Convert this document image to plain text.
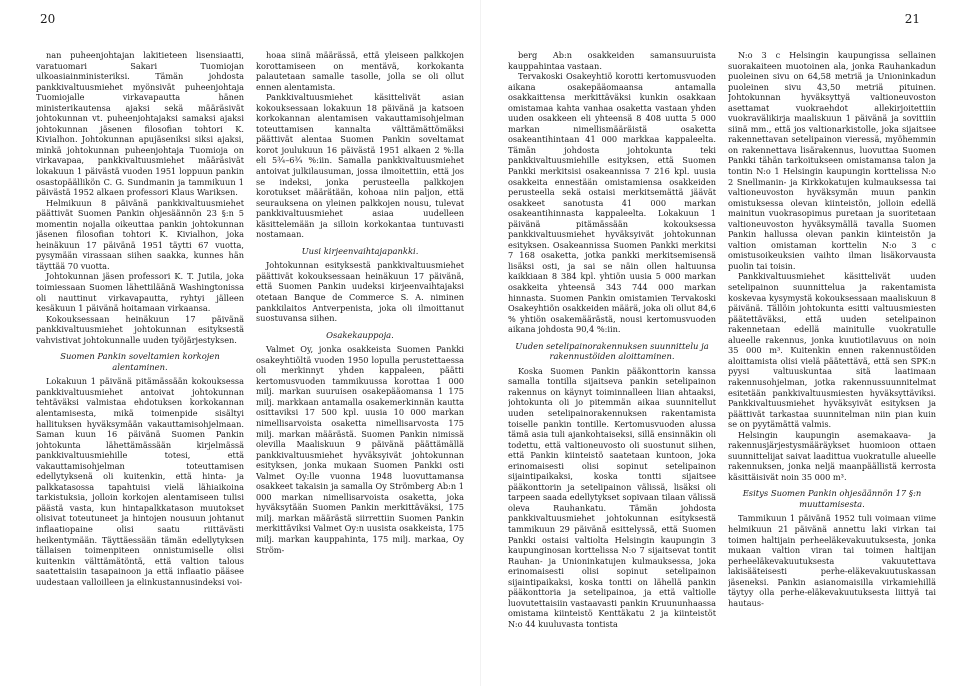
20	21

nan puheenjohtajan lakitieteen lisensiaatti, varatuomari Sakari Tuomiojan ulkoasiainministeriksi. Tämän johdosta pankkivaltuusmiehet myönsivät puheenjohtaja Tuomiojalle virkavapautta hänen ministerikautensa ajaksi sekä määräsivät johtokunnan vt. puheenjohtajaksi samaksi ajaksi johtokunnan jäsenen filosofian tohtori K. Kivialhon. Johtokunnan apujäseniksi siksi ajaksi, minkä johtokunnan puheenjohtaja Tuomioja on virkavapaa, pankkivaltuusmiehet määräsivät lokakuun 1 päivästä vuoden 1951 loppuun pankin osastopäällikön C. G. Sundmanin ja tammikuun 1 päivästä 1952 alkaen professori Klaus Wariksen.

Helmikuun 8 päivänä pankkivaltuusmiehet päättivät Suomen Pankin ohjesäännön 23 §:n 5 momentin nojalla oikeuttaa pankin johtokunnan jäsenen filosofian tohtori K. Kivialhon, joka heinäkuun 17 päivänä 1951 täytti 67 vuotta, pysymään virassaan siihen saakka, kunnes hän täyttää 70 vuotta.

Johtokunnan jäsen professori K. T. Jutila, joka toimiessaan Suomen lähettiläänä Washingtonissa oli nauttinut virkavapautta, ryhtyi jälleen kesäkuun 1 päivänä hoitamaan virkaansa.

Kokouksessaan heinäkuun 17 päivänä pankkivaltuusmiehet johtokunnan esityksestä vahvistivat johtokunnalle uuden työjärjestyksen.

Suomen Pankin soveltamien korkojen alentaminen.

Lokakuun 1 päivänä pitämässään kokouksessa pankkivaltuusmiehet antoivat johtokunnan tehtäväksi valmistaa ehdotuksen korkokannan alentamisesta, mikä toimenpide sisältyi hallituksen hyväksymään vakauttamisohjelmaan. Saman kuun 16 päivänä Suomen Pankin johtokunta lähettämässään kirjelmässä pankkivaltuusmiehille totesi, että vakauttamisohjelman toteuttamisen edellytyksenä oli kuitenkin, että hinta- ja palkkatasossa tapahtuisi vielä lähiaikoina tarkistuksia, jolloin korkojen alentamiseen tulisi päästä vasta, kun hintapalkkatason muutokset olisivat toteutuneet ja hintojen nousuun johtanut inflaatiopaine olisi saatu riittävästi heikentymään. Täyttäessään tämän edellytyksen tällaisen toimenpiteen onnistumiselle olisi kuitenkin välttämätöntä, että valtion talous saatettaisiin tasapainoon ja että inflaatio pääsee uudestaan valloilleen ja elinkustannusindeksi voi-

hoaa siinä määrässä, että yleiseen palkkojen korottamiseen on mentävä, korkokanta palautetaan samalle tasolle, jolla se oli ollut ennen alentamista.

Pankkivaltuusmiehet käsittelivät asian kokouksessaan lokakuun 18 päivänä ja katsoen korkokannan alentamisen vakauttamisohjelman toteuttamisen kannalta välttämättömäksi päättivät alentaa Suomen Pankin soveltamat korot joulukuun 16 päivästä 1951 alkaen 2 %:lla eli 5¾–6¾ %:iin. Samalla pankkivaltuusmiehet antoivat julkilausuman, jossa ilmoitettiin, että jos se indeksi, jonka perusteella palkkojen korotukset määrätään, kohoaa niin paljon, että seurauksena on yleinen palkkojen nousu, tulevat pankkivaltuusmiehet asiaa uudelleen käsittelemään ja silloin korkokantaa tuntuvasti nostamaan.

Uusi kirjeenvaihtajapankki.

Johtokunnan esityksestä pankkivaltuusmiehet päättivät kokouksessaan heinäkuun 17 päivänä, että Suomen Pankin uudeksi kirjeenvaihtajaksi otetaan Banque de Commerce S. A. niminen pankkilaitos Antverpenista, joka oli ilmoittanut suostuvansa siihen.

Osakekauppoja.

Valmet Oy, jonka osakkeista Suomen Pankki osakeyhtiöltä vuoden 1950 lopulla perustettaessa oli merkinnyt yhden kappaleen, päätti kertomusvuoden tammikuussa korottaa 1 000 milj. markan suuruisen osakepääomansa 1 175 milj. markkaan antamalla osakemerkinnän kautta osittaviksi 17 500 kpl. uusia 10 000 markan nimellisarvoista osaketta nimellisarvosta 175 milj. markan määrästä. Suomen Pankin nimissä olevilla Maaliskuun 9 päivänä päättämällä pankkivaltuusmiehet hyväksyivät johtokunnan esityksen, jonka mukaan Suomen Pankki osti Valmet Oy:lle vuonna 1948 luovuttamansa osakkeet takaisin ja samalla Oy Strömberg Ab:n 1 000 markan nimellisarvoista osaketta, joka hyväksytään Suomen Pankin merkittäväksi, 175 milj. markan määrästä siirrettiin Suomen Pankin merkittäviksi Valmet Oy:n uusista osakkeista, 175 milj. markan kauppahinta, 175 milj. markaa, Oy Ström-

berg Ab:n osakkeiden samansuuruista kauppahintaa vastaan.

Tervakoski Osakeyhtiö korotti kertomusvuoden aikana osakepääomaansa antamalla osakkaittensa merkittäväksi kunkin osakkaan omistamaa kahta vanhaa osaketta vastaan yhden uuden osakkeen eli yhteensä 8 408 uutta 5 000 markan nimellismääräistä osaketta osakeantihintaan 41 000 markkaa kappaleelta. Tämän johdosta johtokunta teki pankkivaltuusmiehille esityksen, että Suomen Pankki merkitsisi osakeannissa 7 216 kpl. uusia osakkeita ennestään omistamiensa osakkeiden perusteella sekä ostaisi merkitsemättä jäävät osakkeet sanotusta 41 000 markan osakeantihinnasta kappaleelta. Lokakuun 1 päivänä pitämässään kokouksessa pankkivaltuusmiehet hyväksyivät johtokunnan esityksen. Osakeannissa Suomen Pankki merkitsi 7 168 osaketta, jotka pankki merkitsemisensä lisäksi osti, ja sai se näin ollen haltuunsa kaikkiaan 8 384 kpl. yhtiön uusia 5 000 markan osakkeita yhteensä 343 744 000 markan hinnasta. Suomen Pankin omistamien Tervakoski Osakeyhtiön osakkeiden määrä, joka oli ollut 84,6 % yhtiön osakemäärästä, nousi kertomusvuoden aikana johdosta 90,4 %:iin.

Uuden setelipainorakennuksen suunnittelu ja rakennustöiden aloittaminen.

Koska Suomen Pankin pääkonttorin kanssa samalla tontilla sijaitseva pankin setelipainon rakennus on käynyt toiminnalleen liian ahtaaksi, johtokunta oli jo pitemmän aikaa suunnitellut uuden setelipainorakennuksen rakentamista toiselle pankin tontille. Kertomusvuoden alussa tämä asia tuli ajankohtaiseksi, sillä ensinnäkin oli todettu, että valtioneuvosto oli suostunut siihen, että Pankin kiinteistö saatetaan kuntoon, joka erinomaisesti olisi sopinut setelipainon sijaintipaikaksi, koska tontti sijaitsee pääkonttorin ja setelipainon välissä, lisäksi oli tarpeen saada edellytykset sopivaan tilaan välissä oleva Rauhankatu. Tämän johdosta pankkivaltuusmiehet johtokunnan esityksestä tammikuun 29 päivänä esittelyssä, että Suomen Pankki ostaisi valtiolta Helsingin kaupungin 3 kaupunginosan korttelissa N:o 7 sijaitsevat tontit Rauhan- ja Unioninkatujen kulmauksessa, joka erinomaisesti olisi sopinut setelipainon sijaintipaikaksi, koska tontti on lähellä pankin pääkonttoria ja setelipainoa, ja että valtiolle luovutettaisiin vastaavasti pankin Kruununhaassa omistama kiinteistö Kenttäkatu 2 ja kiinteistöt N:o 44 kuuluvasta tontista

N:o 3 c Helsingin kaupungissa sellainen suorakaiteen muotoinen ala, jonka Rauhankadun puoleinen sivu on 64,58 metriä ja Unioninkadun puoleinen sivu 43,50 metriä pituinen. Johtokunnan hyväksyttyä valtioneuvoston asettamat vuokraehdot allekirjoitettiin vuokravälikirja maaliskuun 1 päivänä ja sovittiin siinä mm., että jos valtionarkistolle, joka sijaitsee rakennettavan setelipainon vieressä, myöhemmin on rakennettava lisärakennus, luovuttaa Suomen Pankki tähän tarkoitukseen omistamansa talon ja tontin N:o 1 Helsingin kaupungin korttelissa N:o 2 Snellmanin- ja Kirkkokatujen kulmauksessa tai valtioneuvoston hyväksymän muun pankin omistuksessa olevan kiinteistön, jolloin edellä mainitun vuokrasopimus puretaan ja suoritetaan valtioneuvoston hyväksymällä tavalla Suomen Pankin hallussa olevan pankin kiinteistön ja valtion omistaman korttelin N:o 3 c omistusoikeuksien vaihto ilman lisäkorvausta puolin tai toisin.

Pankkivaltuusmiehet käsittelivät uuden setelipainon suunnittelua ja rakentamista koskevaa kysymystä kokouksessaan maaliskuun 8 päivänä. Tällöin johtokunta esitti valtuusmiesten päätettäväksi, että uuden setelipainon rakennetaan edellä mainitulle vuokratulle alueelle rakennus, jonka kuutiotilavuus on noin 35 000 m³. Kuitenkin ennen rakennustöiden aloittamista olisi vielä päätettävä, että sen SPK:n pyysi valtuuskuntaa sitä laatimaan rakennusohjelman, jotka rakennussuunnitelmat esitetään pankkivaltuusmiesten hyväksyttäviksi. Pankkivaltuusmiehet hyväksyivät esityksen ja päättivät tarkastaa suunnitelman niin pian kuin se on pyytämättä valmis.

Helsingin kaupungin asemakaava- ja rakennusjärjestysmääräykset huomioon ottaen suunnittelijat saivat laadittua vuokratulle alueelle rakennuksen, jonka neljä maanpäällistä kerrosta käsittäisivät noin 35 000 m³.

Esitys Suomen Pankin ohjesäännön 17 §:n muuttamisesta.

Tammikuun 1 päivänä 1952 tuli voimaan viime helmikuun 21 päivänä annettu laki virkan tai toimen haltijain perheeläkevakuutuksesta, jonka mukaan valtion viran tai toimen haltijan perheeläkevakuutuksesta vakuutettava lakisääteisesti perhe-eläkevakuutuskassan jäseneksi. Pankin asianomaisilla virkamiehillä täytyy olla perhe-eläkevakuutuksesta liittyä tai hautaus-
